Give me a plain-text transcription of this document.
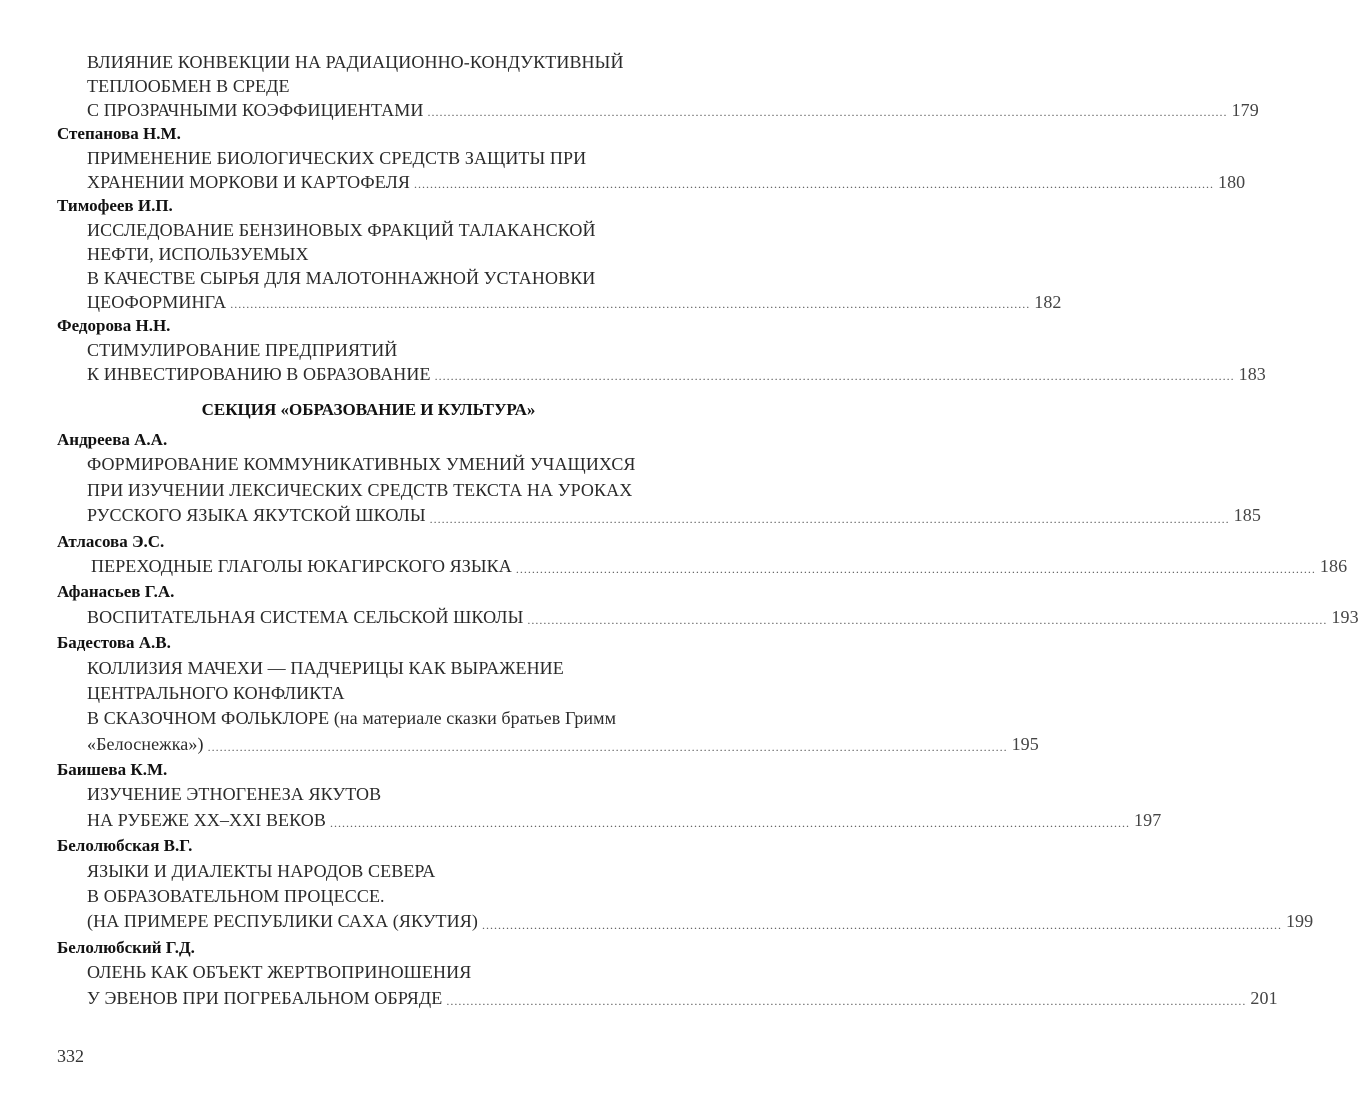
ВЛИЯНИЕ КОНВЕКЦИИ НА РАДИАЦИОННО-КОНДУКТИВНЫЙ
ТЕПЛООБМЕН В СРЕДЕ
С ПРОЗРАЧНЫМИ КОЭФФИЦИЕНТАМИ ........................................................................................................................................................................................................ 179
Степанова Н.М.
ПРИМЕНЕНИЕ БИОЛОГИЧЕСКИХ СРЕДСТВ ЗАЩИТЫ ПРИ
ХРАНЕНИИ МОРКОВИ И КАРТОФЕЛЯ ........................................................................................................................................................................................................ 180
Тимофеев И.П.
ИССЛЕДОВАНИЕ БЕНЗИНОВЫХ ФРАКЦИЙ ТАЛАКАНСКОЙ
НЕФТИ, ИСПОЛЬЗУЕМЫХ
В КАЧЕСТВЕ СЫРЬЯ ДЛЯ МАЛОТОННАЖНОЙ УСТАНОВКИ
ЦЕОФОРМИНГА ........................................................................................................................................................................................................ 182
Федорова Н.Н.
СТИМУЛИРОВАНИЕ ПРЕДПРИЯТИЙ
К ИНВЕСТИРОВАНИЮ В ОБРАЗОВАНИЕ ........................................................................................................................................................................................................ 183
СЕКЦИЯ «ОБРАЗОВАНИЕ И КУЛЬТУРА»
Андреева А.А.
ФОРМИРОВАНИЕ КОММУНИКАТИВНЫХ УМЕНИЙ УЧАЩИХСЯ
ПРИ ИЗУЧЕНИИ ЛЕКСИЧЕСКИХ СРЕДСТВ ТЕКСТА НА УРОКАХ
РУССКОГО ЯЗЫКА ЯКУТСКОЙ ШКОЛЫ ........................................................................................................................................................................................................ 185
Атласова Э.С.
ПЕРЕХОДНЫЕ ГЛАГОЛЫ ЮКАГИРСКОГО ЯЗЫКА ........................................................................................................................................................................................................ 186
Афанасьев Г.А.
ВОСПИТАТЕЛЬНАЯ СИСТЕМА СЕЛЬСКОЙ ШКОЛЫ ........................................................................................................................................................................................................ 193
Бадестова А.В.
КОЛЛИЗИЯ МАЧЕХИ — ПАДЧЕРИЦЫ КАК ВЫРАЖЕНИЕ
ЦЕНТРАЛЬНОГО КОНФЛИКТА
В СКАЗОЧНОМ ФОЛЬКЛОРЕ (на материале сказки братьев Гримм
«Белоснежка») ........................................................................................................................................................................................................ 195
Баишева К.М.
ИЗУЧЕНИЕ ЭТНОГЕНЕЗА ЯКУТОВ
НА РУБЕЖЕ XX–XXI ВЕКОВ ........................................................................................................................................................................................................ 197
Белолюбская В.Г.
ЯЗЫКИ И ДИАЛЕКТЫ НАРОДОВ СЕВЕРА
В ОБРАЗОВАТЕЛЬНОМ ПРОЦЕССЕ.
(НА ПРИМЕРЕ РЕСПУБЛИКИ САХА (ЯКУТИЯ) ........................................................................................................................................................................................................ 199
Белолюбский Г.Д.
ОЛЕНЬ КАК ОБЪЕКТ ЖЕРТВОПРИНОШЕНИЯ
У ЭВЕНОВ ПРИ ПОГРЕБАЛЬНОМ ОБРЯДЕ ........................................................................................................................................................................................................ 201
332
